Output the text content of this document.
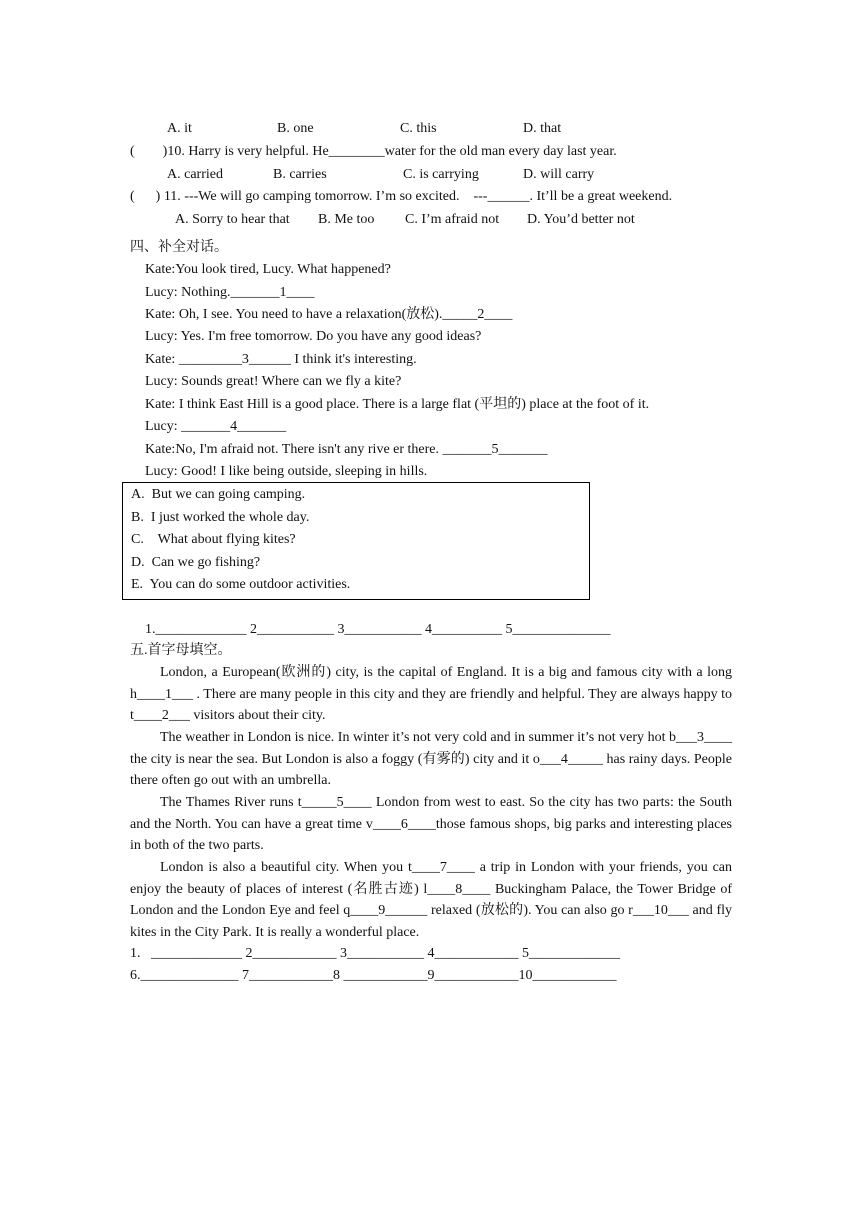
A. it	B. one	C. this	D. that
(        )10. Harry is very helpful. He________water for the old man every day last year.
A. carried	B. carries	C. is carrying	D. will carry
(      ) 11. ---We will go camping tomorrow. I’m so excited.    ---______. It’ll be a great weekend.
A. Sorry to hear that B. Me too C. I’m afraid not D. You’d better not
四、补全对话。
Kate:You look tired, Lucy. What happened?
Lucy: Nothing._______1____
Kate: Oh, I see. You need to have a relaxation(放松)._____2____
Lucy: Yes. I'm free tomorrow. Do you have any good ideas?
Kate: _________3______ I think it's interesting.
Lucy: Sounds great! Where can we fly a kite?
Kate: I think East Hill is a good place. There is a large flat (平坦的) place at the foot of it.
Lucy: _______4_______
Kate:No, I'm afraid not. There isn't any rive er there. _______5_______
Lucy: Good! I like being outside, sleeping in hills.
A.  But we can going camping.
B.  I just worked the whole day.
C.    What about flying kites?
D.  Can we go fishing?
E.  You can do some outdoor activities.
1._____________ 2___________ 3___________ 4__________ 5______________
五.首字母填空。
London, a European(欧洲的) city, is the capital of England. It is a big and famous city with a long h____1___ . There are many people in this city and they are friendly and helpful. They are always happy to t____2___ visitors about their city.
The weather in London is nice. In winter it’s not very cold and in summer it’s not very hot b___3____ the city is near the sea. But London is also a foggy (有雾的) city and it o___4_____ has rainy days. People there often go out with an umbrella.
The Thames River runs t_____5____ London from west to east. So the city has two parts: the South and the North. You can have a great time v____6____those famous shops, big parks and interesting places in both of the two parts.
London is also a beautiful city. When you t____7____ a trip in London with your friends, you can enjoy the beauty of places of interest (名胜古迹) l____8____ Buckingham Palace, the Tower Bridge of London and the London Eye and feel q____9______ relaxed (放松的). You can also go r___10___ and fly kites in the City Park. It is really a wonderful place.
1.   _____________ 2____________ 3___________ 4____________ 5_____________
6.______________ 7____________8 ____________9____________10____________
